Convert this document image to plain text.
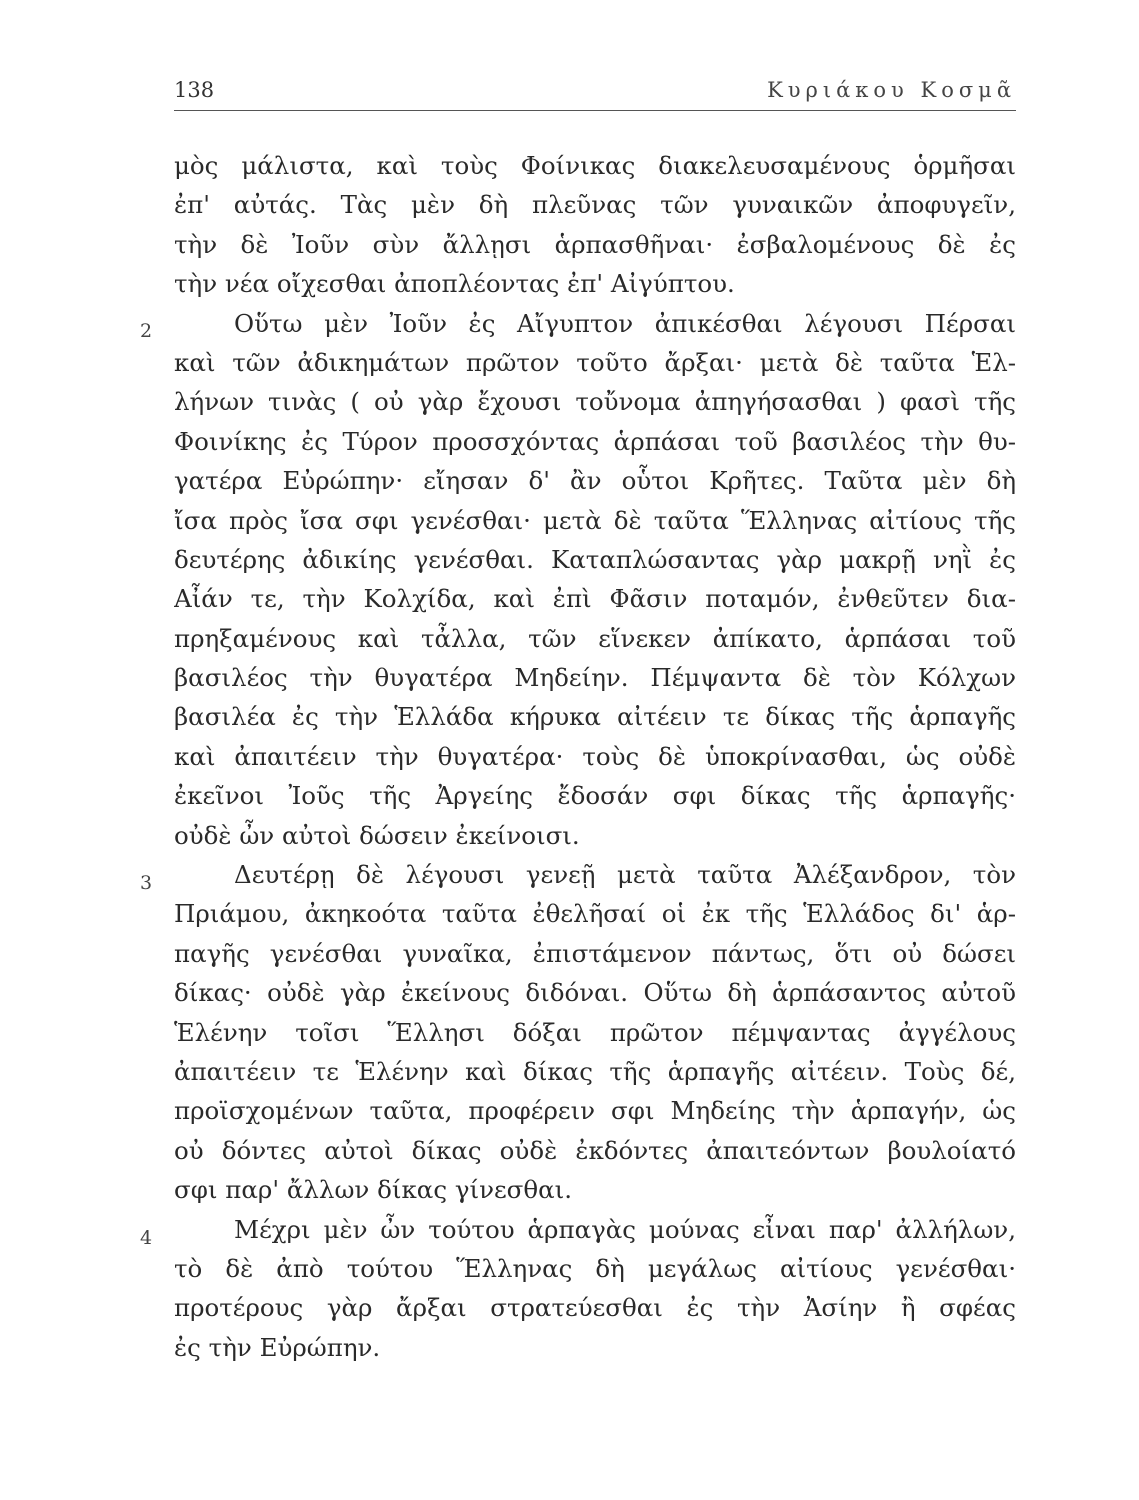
138	Κυριάκου Κοσμᾶ
2
3
4
μὸς μάλιστα, καὶ τοὺς Φοίνικας διακελευσαμένους ὁρμῆσαι
ἐπ' αὐτάς. Τὰς μὲν δὴ πλεῦνας τῶν γυναικῶν ἀποφυγεῖν,
τὴν δὲ Ἰοῦν σὺν ἄλλῃσι ἁρπασθῆναι· ἐσβαλομένους δὲ ἐς
τὴν νέα οἴχεσθαι ἀποπλέοντας ἐπ' Αἰγύπτου.
Οὕτω μὲν Ἰοῦν ἐς Αἴγυπτον ἀπικέσθαι λέγουσι Πέρσαι
καὶ τῶν ἀδικημάτων πρῶτον τοῦτο ἄρξαι· μετὰ δὲ ταῦτα Ἑλ-
λήνων τινὰς ( οὐ γὰρ ἔχουσι τοὔνομα ἀπηγήσασθαι ) φασὶ τῆς
Φοινίκης ἐς Τύρον προσσχόντας ἁρπάσαι τοῦ βασιλέος τὴν θυ-
γατέρα Εὐρώπην· εἴησαν δ' ἂν οὗτοι Κρῆτες. Ταῦτα μὲν δὴ
ἴσα πρὸς ἴσα σφι γενέσθαι· μετὰ δὲ ταῦτα Ἕλληνας αἰτίους τῆς
δευτέρης ἀδικίης γενέσθαι. Καταπλώσαντας γὰρ μακρῇ νηῒ ἐς
Αἶάν τε, τὴν Κολχίδα, καὶ ἐπὶ Φᾶσιν ποταμόν, ἐνθεῦτεν δια-
πρηξαμένους καὶ τἆλλα, τῶν εἵνεκεν ἀπίκατο, ἁρπάσαι τοῦ
βασιλέος τὴν θυγατέρα Μηδείην. Πέμψαντα δὲ τὸν Κόλχων
βασιλέα ἐς τὴν Ἑλλάδα κήρυκα αἰτέειν τε δίκας τῆς ἁρπαγῆς
καὶ ἀπαιτέειν τὴν θυγατέρα· τοὺς δὲ ὑποκρίνασθαι, ὡς οὐδὲ
ἐκεῖνοι Ἰοῦς τῆς Ἀργείης ἔδοσάν σφι δίκας τῆς ἁρπαγῆς·
οὐδὲ ὦν αὐτοὶ δώσειν ἐκείνοισι.
Δευτέρῃ δὲ λέγουσι γενεῇ μετὰ ταῦτα Ἀλέξανδρον, τὸν
Πριάμου, ἀκηκοότα ταῦτα ἐθελῆσαί οἱ ἐκ τῆς Ἑλλάδος δι' ἁρ-
παγῆς γενέσθαι γυναῖκα, ἐπιστάμενον πάντως, ὅτι οὐ δώσει
δίκας· οὐδὲ γὰρ ἐκείνους διδόναι. Οὕτω δὴ ἁρπάσαντος αὐτοῦ
Ἑλένην τοῖσι Ἕλλησι δόξαι πρῶτον πέμψαντας ἀγγέλους
ἀπαιτέειν τε Ἑλένην καὶ δίκας τῆς ἁρπαγῆς αἰτέειν. Τοὺς δέ,
προϊσχομένων ταῦτα, προφέρειν σφι Μηδείης τὴν ἁρπαγήν, ὡς
οὐ δόντες αὐτοὶ δίκας οὐδὲ ἐκδόντες ἀπαιτεόντων βουλοίατό
σφι παρ' ἄλλων δίκας γίνεσθαι.
Μέχρι μὲν ὦν τούτου ἁρπαγὰς μούνας εἶναι παρ' ἀλλήλων,
τὸ δὲ ἀπὸ τούτου Ἕλληνας δὴ μεγάλως αἰτίους γενέσθαι·
προτέρους γὰρ ἄρξαι στρατεύεσθαι ἐς τὴν Ἀσίην ἢ σφέας
ἐς τὴν Εὐρώπην.
